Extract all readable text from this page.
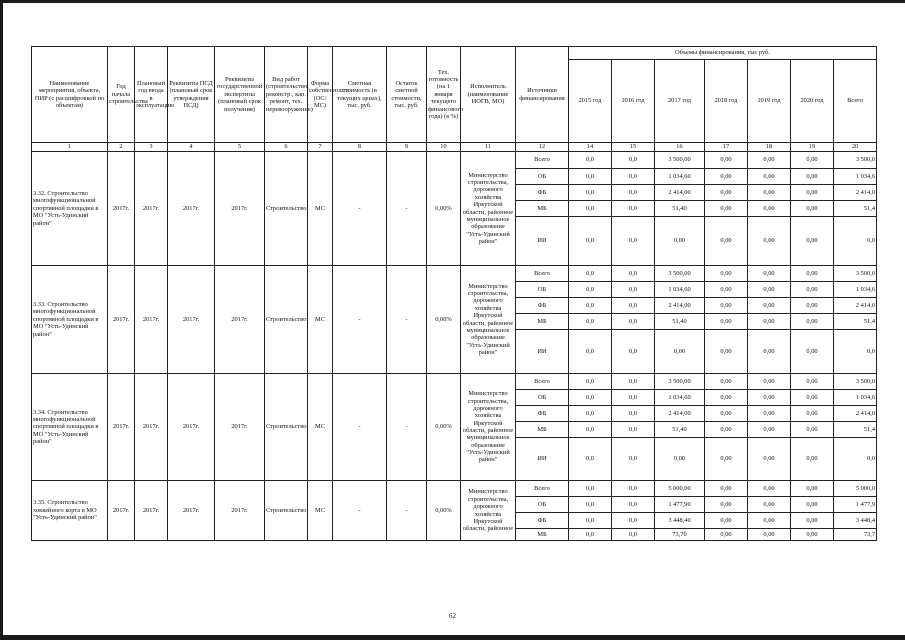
Наименование мероприятия, объекта, ПИР (с расшифровкой по объектам)	Год начала строительства	Плановый год ввода в эксплуатацию	Реквизиты ПСД (плановый срок утверждения ПСД)	Реквизиты государственной экспертизы (плановый срок получения)	Вид работ (строительство, реконстр., кап. ремонт, тех. перевооружение)	Форма собственности (ОС/МС)	Сметная стоимость (в текущих ценах), тыс. руб.	Остаток сметной стоимости, тыс. руб.	Тех. готовность (на 1 января текущего финансового года) (в %)	Исполнитель (наименование ИОГВ, МО)	Источники финансирования	Объемы финансирования, тыс руб.						
												2015 год	2016 год	2017 год	2018 год	2019 год	2020 год	Всего
1	2	3	4	5	6	7	8	9	10	11	12	14	15	16	17	18	19	20
3.32. Строительство многофункциональной спортивной площадки в МО "Усть-Удинский район"	2017г.	2017г.	2017г.	2017г.	Строительство	МС	-	-	0,00%	Министерство строительства, дорожного хозяйства Иркутской области, районное муниципальное образование "Усть-Удинский район"	Всего	0,0	0,0	3 500,00	0,00	0,00	0,00	3 500,0
											ОБ	0,0	0,0	1 034,60	0,00	0,00	0,00	1 034,6
											ФБ	0,0	0,0	2 414,00	0,00	0,00	0,00	2 414,0
											МБ	0,0	0,0	51,40	0,00	0,00	0,00	51,4
											ИИ	0,0	0,0	0,00	0,00	0,00	0,00	0,0
3.33. Строительство многофункциональной спортивной площадки в МО "Усть-Удинский район"	2017г.	2017г.	2017г.	2017г.	Строительство	МС	-	-	0,00%	Министерство строительства, дорожного хозяйства Иркутской области, районное муниципальное образование "Усть-Удинский район"	Всего	0,0	0,0	3 500,00	0,00	0,00	0,00	3 500,0
											ОБ	0,0	0,0	1 034,60	0,00	0,00	0,00	1 034,6
											ФБ	0,0	0,0	2 414,00	0,00	0,00	0,00	2 414,0
											МБ	0,0	0,0	51,40	0,00	0,00	0,00	51,4
											ИИ	0,0	0,0	0,00	0,00	0,00	0,00	0,0
3.34. Строительство многофункциональной спортивной площадки в МО "Усть-Удинский район"	2017г.	2017г.	2017г.	2017г.	Строительство	МС	-	-	0,00%	Министерство строительства, дорожного хозяйства Иркутской области, районное муниципальное образование "Усть-Удинский район"	Всего	0,0	0,0	3 500,00	0,00	0,00	0,00	3 500,0
											ОБ	0,0	0,0	1 034,60	0,00	0,00	0,00	1 034,6
											ФБ	0,0	0,0	2 414,00	0,00	0,00	0,00	2 414,0
											МБ	0,0	0,0	51,40	0,00	0,00	0,00	51,4
											ИИ	0,0	0,0	0,00	0,00	0,00	0,00	0,0
3.35. Строительство хоккейного корта в МО "Усть-Удинский район"	2017г.	2017г.	2017г.	2017г.	Строительство	МС	-	-	0,00%	Министерство строительства, дорожного хозяйства Иркутской области, районное	Всего	0,0	0,0	5 000,00	0,00	0,00	0,00	5 000,0
											ОБ	0,0	0,0	1 477,90	0,00	0,00	0,00	1 477,9
											ФБ	0,0	0,0	3 448,40	0,00	0,00	0,00	3 448,4
											МБ	0,0	0,0	73,70	0,00	0,00	0,00	73,7
62
